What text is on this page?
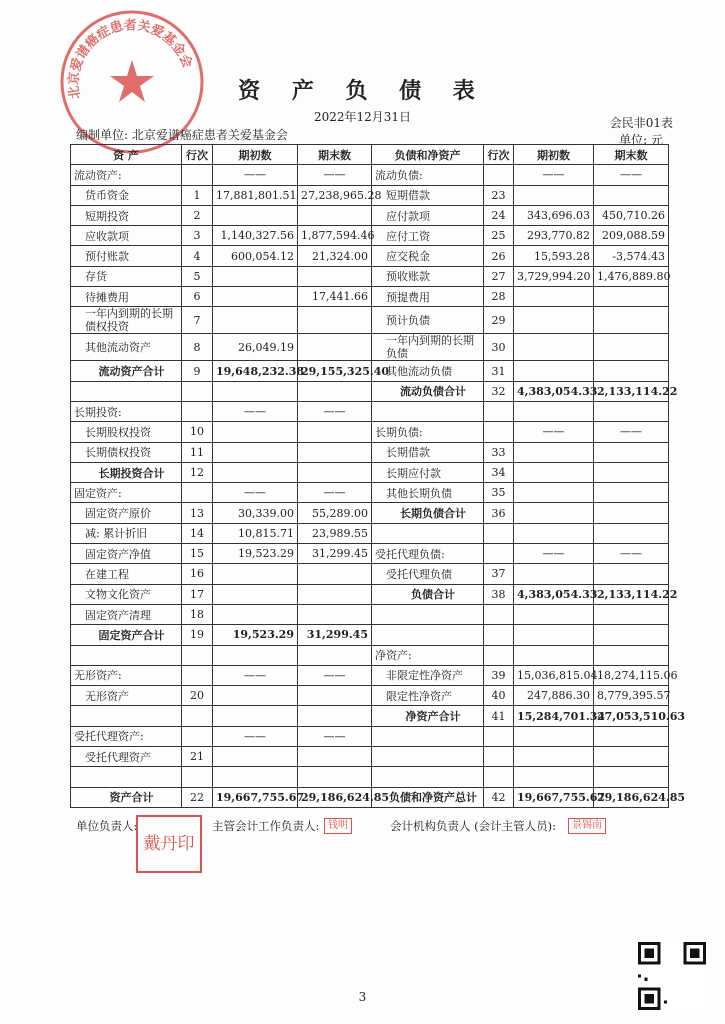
北京爱谱癌症患者关爱基金会
资 产 负 债 表
2022年12月31日	会民非01表
编制单位: 北京爱谱癌症患者关爱基金会	单位: 元
资 产	行次	期初数	期末数	负债和净资产	行次	期初数	期末数
流动资产:		——	——	流动负债:		——	——
货币资金	1	17,881,801.51	27,238,965.28	短期借款	23		
短期投资	2			应付款项	24	343,696.03	450,710.26
应收款项	3	1,140,327.56	1,877,594.46	应付工资	25	293,770.82	209,088.59
预付账款	4	600,054.12	21,324.00	应交税金	26	15,593.28	-3,574.43
存货	5			预收账款	27	3,729,994.20	1,476,889.80
待摊费用	6		17,441.66	预提费用	28		
一年内到期的长期债权投资	7			预计负债	29		
其他流动资产	8	26,049.19		一年内到期的长期负债	30		
流动资产合计	9	19,648,232.38	29,155,325.40	其他流动负债	31		
				流动负债合计	32	4,383,054.33	2,133,114.22
长期投资:		——	——				
长期股权投资	10			长期负债:		——	——
长期债权投资	11			长期借款	33		
长期投资合计	12			长期应付款	34		
固定资产:		——	——	其他长期负债	35		
固定资产原价	13	30,339.00	55,289.00	长期负债合计	36		
减: 累计折旧	14	10,815.71	23,989.55				
固定资产净值	15	19,523.29	31,299.45	受托代理负债:		——	——
在建工程	16			受托代理负债	37		
文物文化资产	17			负债合计	38	4,383,054.33	2,133,114.22
固定资产清理	18						
固定资产合计	19	19,523.29	31,299.45				
				净资产:			
无形资产:		——	——	非限定性净资产	39	15,036,815.04	18,274,115.06
无形资产	20			限定性净资产	40	247,886.30	8,779,395.57
				净资产合计	41	15,284,701.34	27,053,510.63
受托代理资产:		——	——				
受托代理资产	21						

资产合计	22	19,667,755.67	29,186,624.85	负债和净资产总计	42	19,667,755.67	29,186,624.85
单位负责人:
戴丹印
主管会计工作负责人: 钱明	会计机构负责人 (会计主管人员):	景锡南
3
